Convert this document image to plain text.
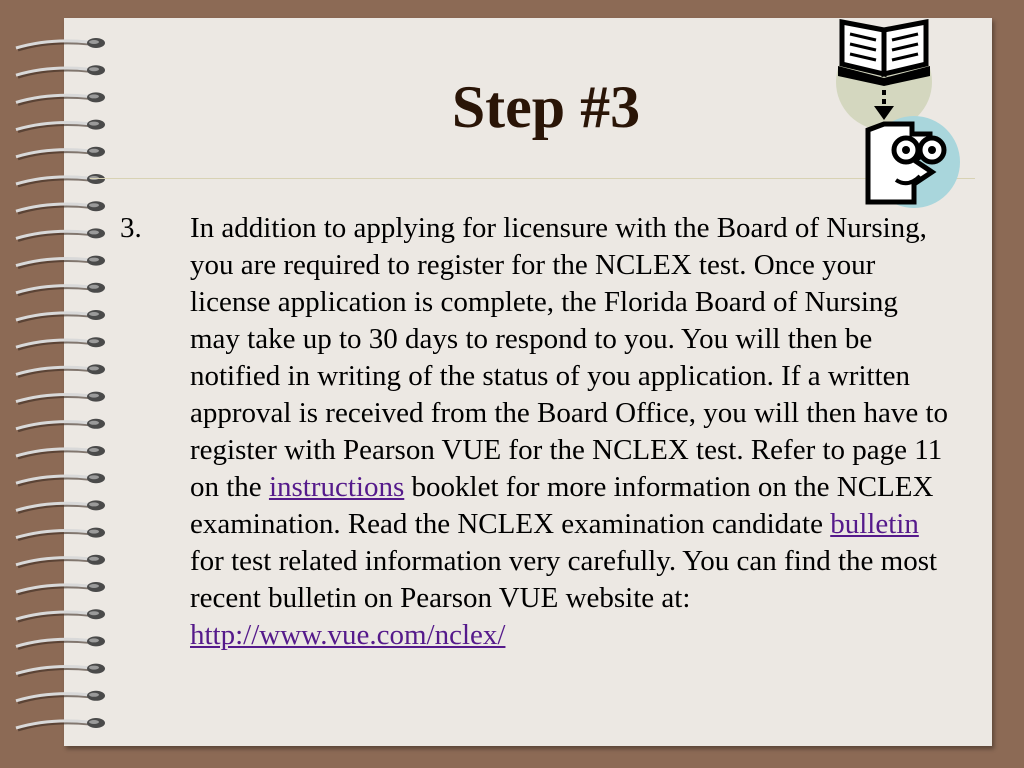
Step #3
3. In addition to applying for licensure with the Board of Nursing, you are required to register for the NCLEX test. Once your license application is complete, the Florida Board of Nursing may take up to 30 days to respond to you. You will then be notified in writing of the status of you application. If a written approval is received from the Board Office, you will then have to register with Pearson VUE for the NCLEX test. Refer to page 11 on the instructions booklet for more information on the NCLEX examination. Read the NCLEX examination candidate bulletin for test related information very carefully. You can find the most recent bulletin on Pearson VUE website at: http://www.vue.com/nclex/
